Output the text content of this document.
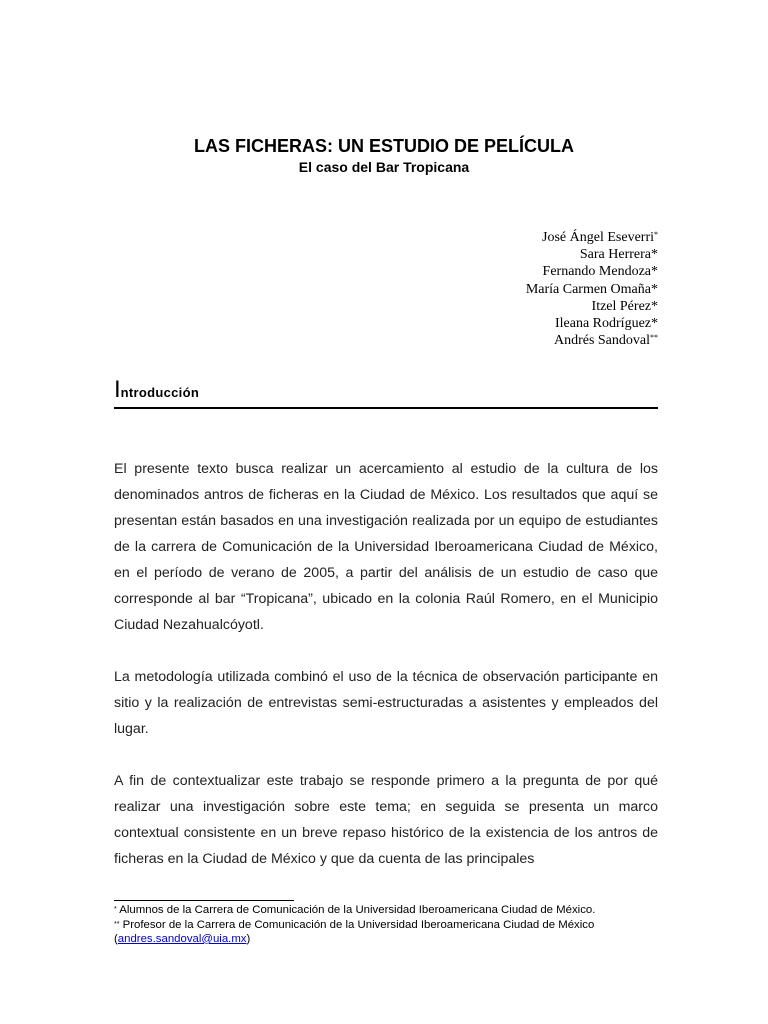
LAS FICHERAS: UN ESTUDIO DE PELÍCULA
El caso del Bar Tropicana
José Ángel Eseverri*
Sara Herrera*
Fernando Mendoza*
María Carmen Omaña*
Itzel Pérez*
Ileana Rodríguez*
Andrés Sandoval**
Introducción

El presente texto busca realizar un acercamiento al estudio de la cultura de los denominados antros de ficheras en la Ciudad de México. Los resultados que aquí se presentan están basados en una investigación realizada por un equipo de estudiantes de la carrera de Comunicación de la Universidad Iberoamericana Ciudad de México, en el período de verano de 2005, a partir del análisis de un estudio de caso que corresponde al bar “Tropicana”, ubicado en la colonia Raúl Romero, en el Municipio Ciudad Nezahualcóyotl.

La metodología utilizada combinó el uso de la técnica de observación participante en sitio y la realización de entrevistas semi-estructuradas a asistentes y empleados del lugar.

A fin de contextualizar este trabajo se responde primero a la pregunta de por qué realizar una investigación sobre este tema; en seguida se presenta un marco contextual consistente en un breve repaso histórico de la existencia de los antros de ficheras en la Ciudad de México y que da cuenta de las principales

* Alumnos de la Carrera de Comunicación de la Universidad Iberoamericana Ciudad de México.
** Profesor de la Carrera de Comunicación de la Universidad Iberoamericana Ciudad de México
(andres.sandoval@uia.mx)
